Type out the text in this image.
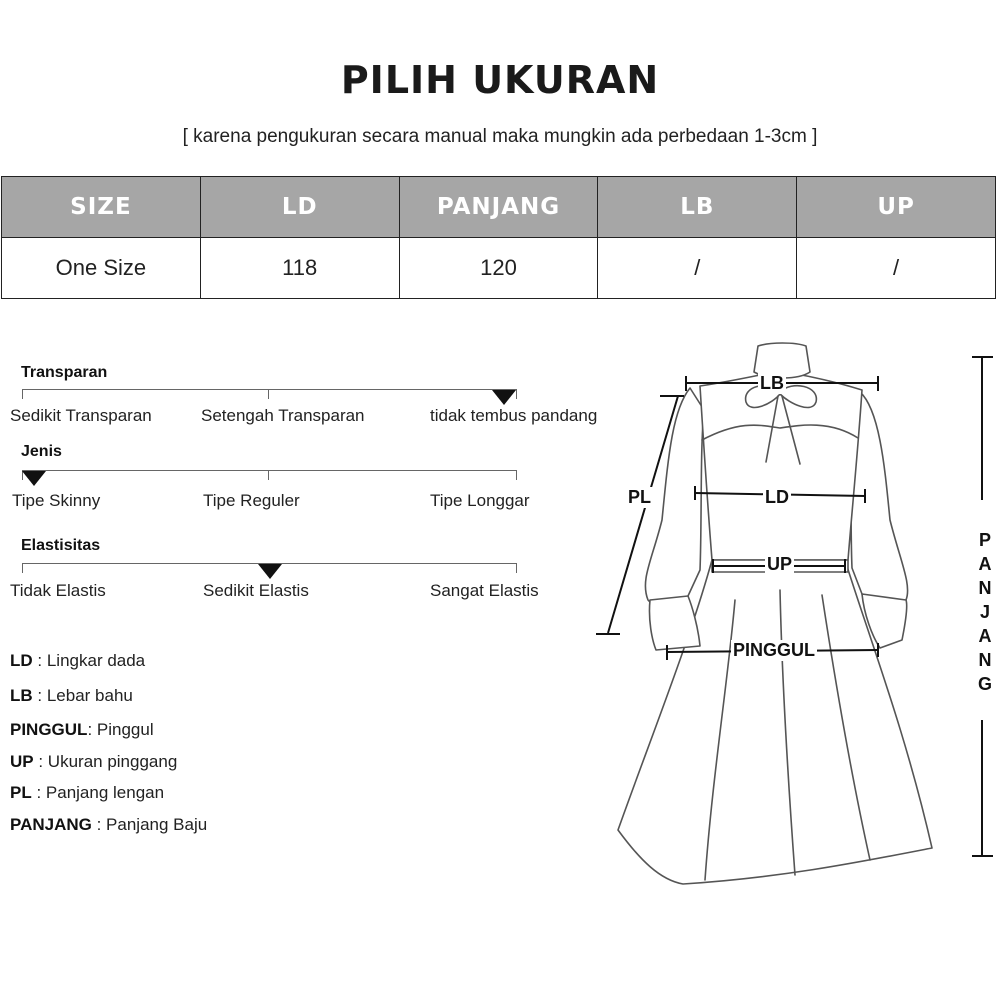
PILIH UKURAN
[ karena pengukuran secara manual maka mungkin ada perbedaan 1-3cm ]
SIZE	LD	PANJANG	LB	UP
One Size	118	120	/	/
Transparan
Sedikit Transparan	Setengah Transparan	tidak tembus pandang
Jenis
Tipe Skinny	Tipe Reguler	Tipe Longgar
Elastisitas
Tidak Elastis	Sedikit Elastis	Sangat Elastis
LD : Lingkar dada
LB : Lebar bahu
PINGGUL: Pinggul
UP : Ukuran pinggang
PL : Panjang lengan
PANJANG : Panjang Baju
LB
LD
UP
PL
PINGGUL
P
A
N
J
A
N
G
